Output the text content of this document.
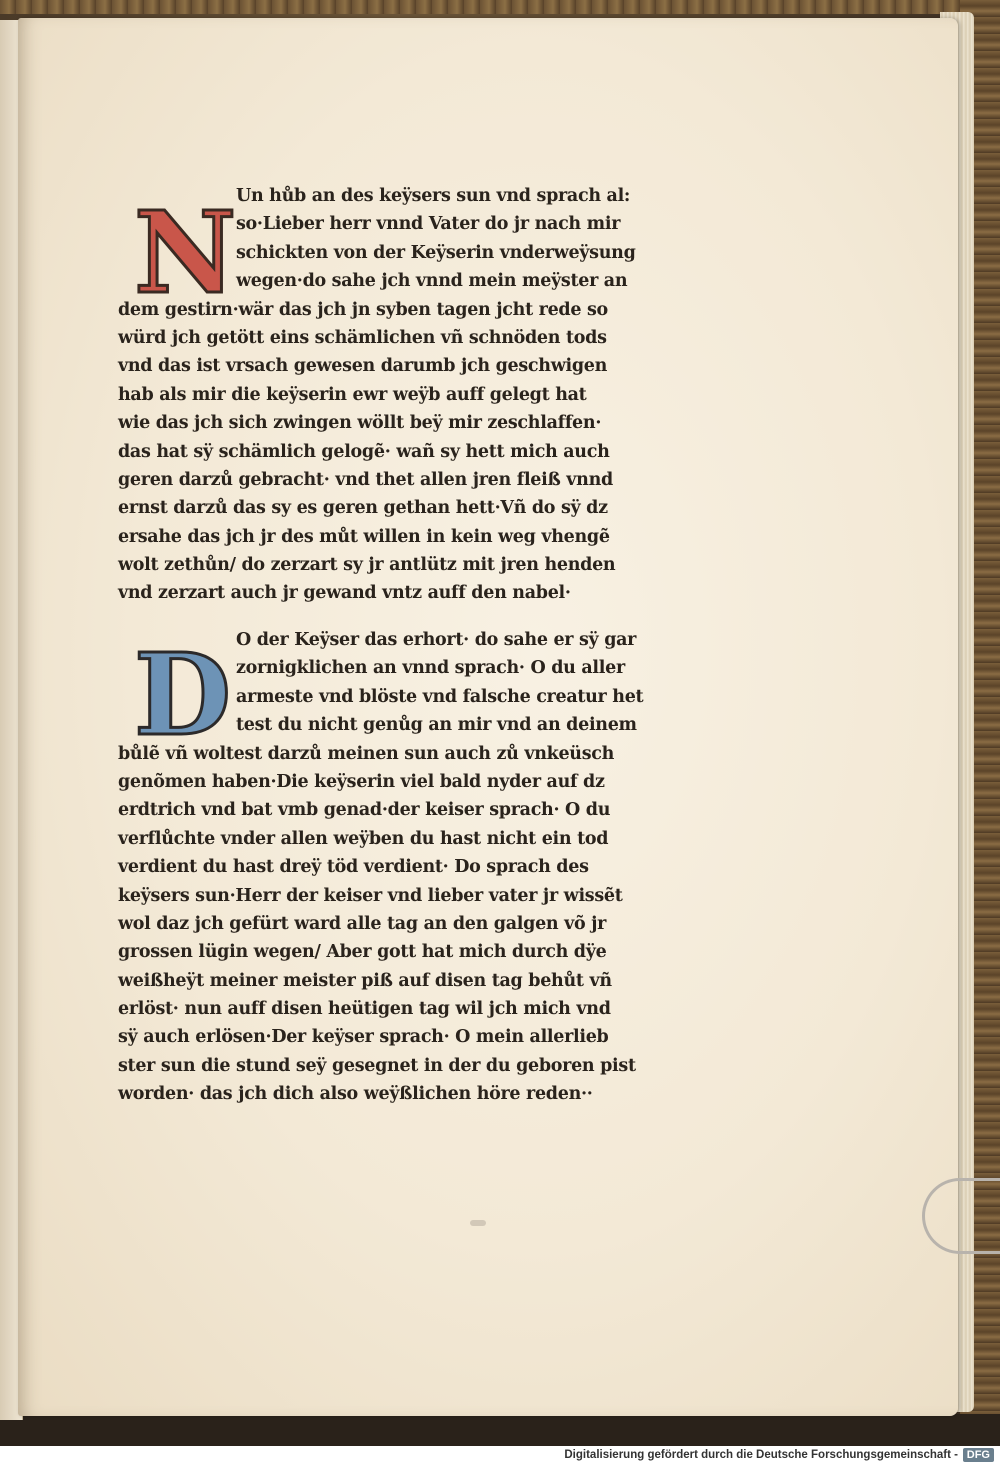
N Un hůb an des keÿsers sun vnd sprach al:
so·Lieber herr vnnd Vater do jr nach mir
schickten von der Keÿserin vnderweÿsung
wegen·do sahe jch vnnd mein meÿster an
dem gestirn·wär das jch jn syben tagen jcht rede so
würd jch getött eins schämlichen vñ schnöden tods
vnd das ist vrsach gewesen darumb jch geschwigen
hab als mir die keÿserin ewr weÿb auff gelegt hat
wie das jch sich zwingen wöllt beÿ mir zeschlaffen·
das hat sÿ schämlich gelogẽ· wañ sy hett mich auch
geren darzů gebracht· vnd thet allen jren fleiß vnnd
ernst darzů das sy es geren gethan hett·Vñ do sÿ dz
ersahe das jch jr des můt willen in kein weg vhengẽ
wolt zethůn/ do zerzart sy jr antlütz mit jren henden
vnd zerzart auch jr gewand vntz auff den nabel·
D O der Keÿser das erhort· do sahe er sÿ gar
zornigklichen an vnnd sprach· O du aller
armeste vnd blöste vnd falsche creatur het
test du nicht genůg an mir vnd an deinem
bůlẽ vñ woltest darzů meinen sun auch zů vnkeüsch
genõmen haben·Die keÿserin viel bald nyder auf dz
erdtrich vnd bat vmb genad·der keiser sprach· O du
verflůchte vnder allen weÿben du hast nicht ein tod
verdient du hast dreÿ töd verdient· Do sprach des
keÿsers sun·Herr der keiser vnd lieber vater jr wissẽt
wol daz jch gefürt ward alle tag an den galgen võ jr
grossen lügin wegen/ Aber gott hat mich durch dÿe
weißheÿt meiner meister piß auf disen tag behůt vñ
erlöst· nun auff disen heütigen tag wil jch mich vnd
sÿ auch erlösen·Der keÿser sprach· O mein allerlieb
ster sun die stund seÿ gesegnet in der du geboren pist
worden· das jch dich also weÿßlichen höre reden··
Digitalisierung gefördert durch die Deutsche Forschungsgemeinschaft - DFG
